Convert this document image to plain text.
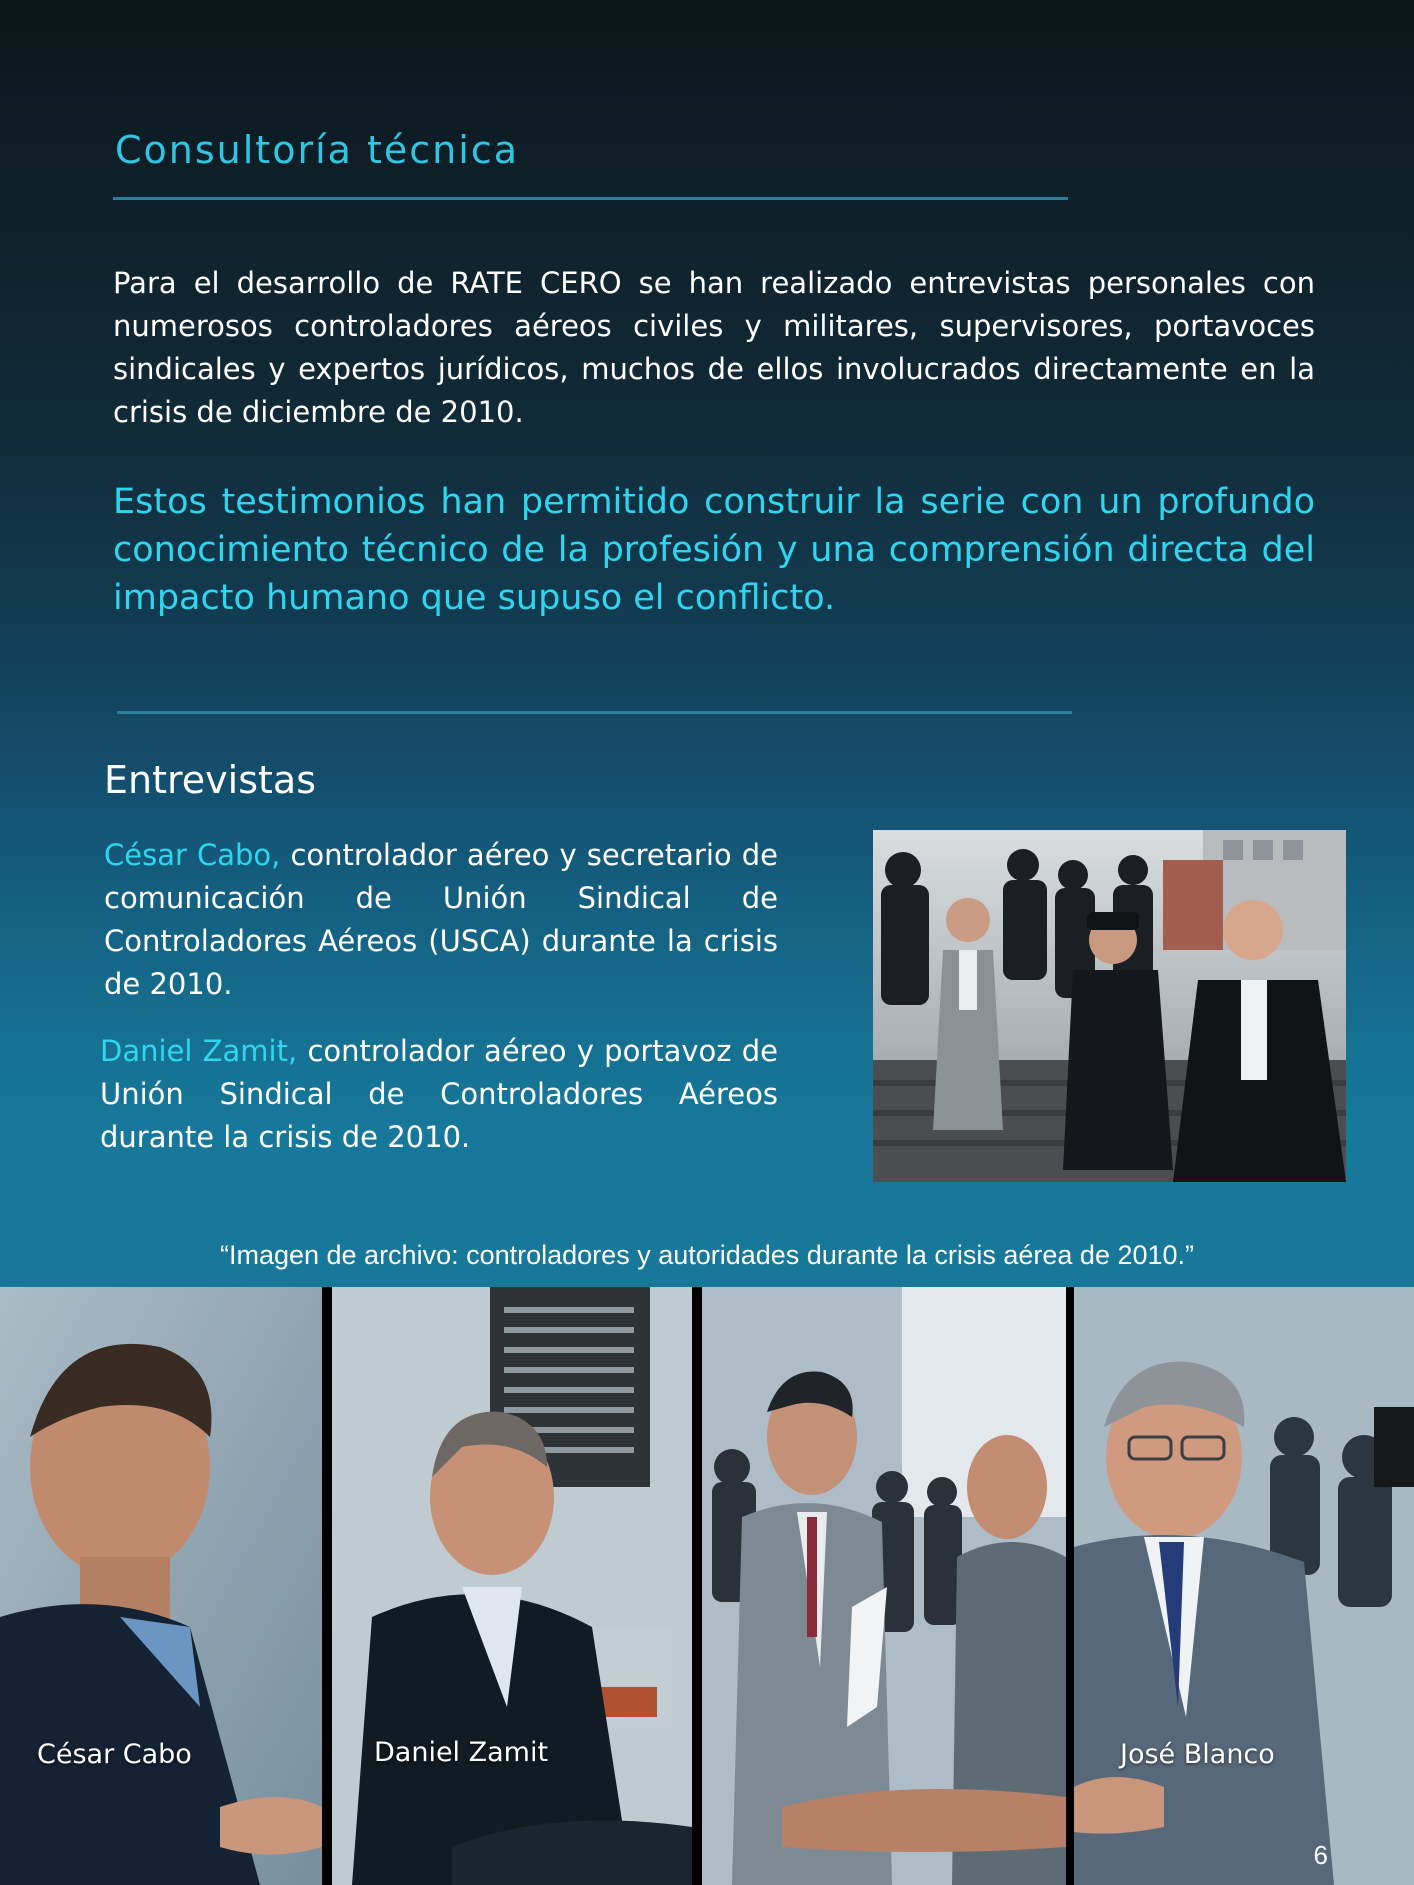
Consultoría técnica

Para el desarrollo de RATE CERO se han realizado entrevistas personales con numerosos controladores aéreos civiles y militares, supervisores, portavoces sindicales y expertos jurídicos, muchos de ellos involucrados directamente en la crisis de diciembre de 2010.

Estos testimonios han permitido construir la serie con un profundo conocimiento técnico de la profesión y una comprensión directa del impacto humano que supuso el conflicto.

Entrevistas

César Cabo, controlador aéreo y secretario de comunicación de Unión Sindical de Controladores Aéreos (USCA) durante la crisis de 2010.

Daniel Zamit, controlador aéreo y portavoz de Unión Sindical de Controladores Aéreos durante la crisis de 2010.

“Imagen de archivo: controladores y autoridades durante la crisis aérea de 2010.”

César Cabo	Daniel Zamit	José Blanco
6
